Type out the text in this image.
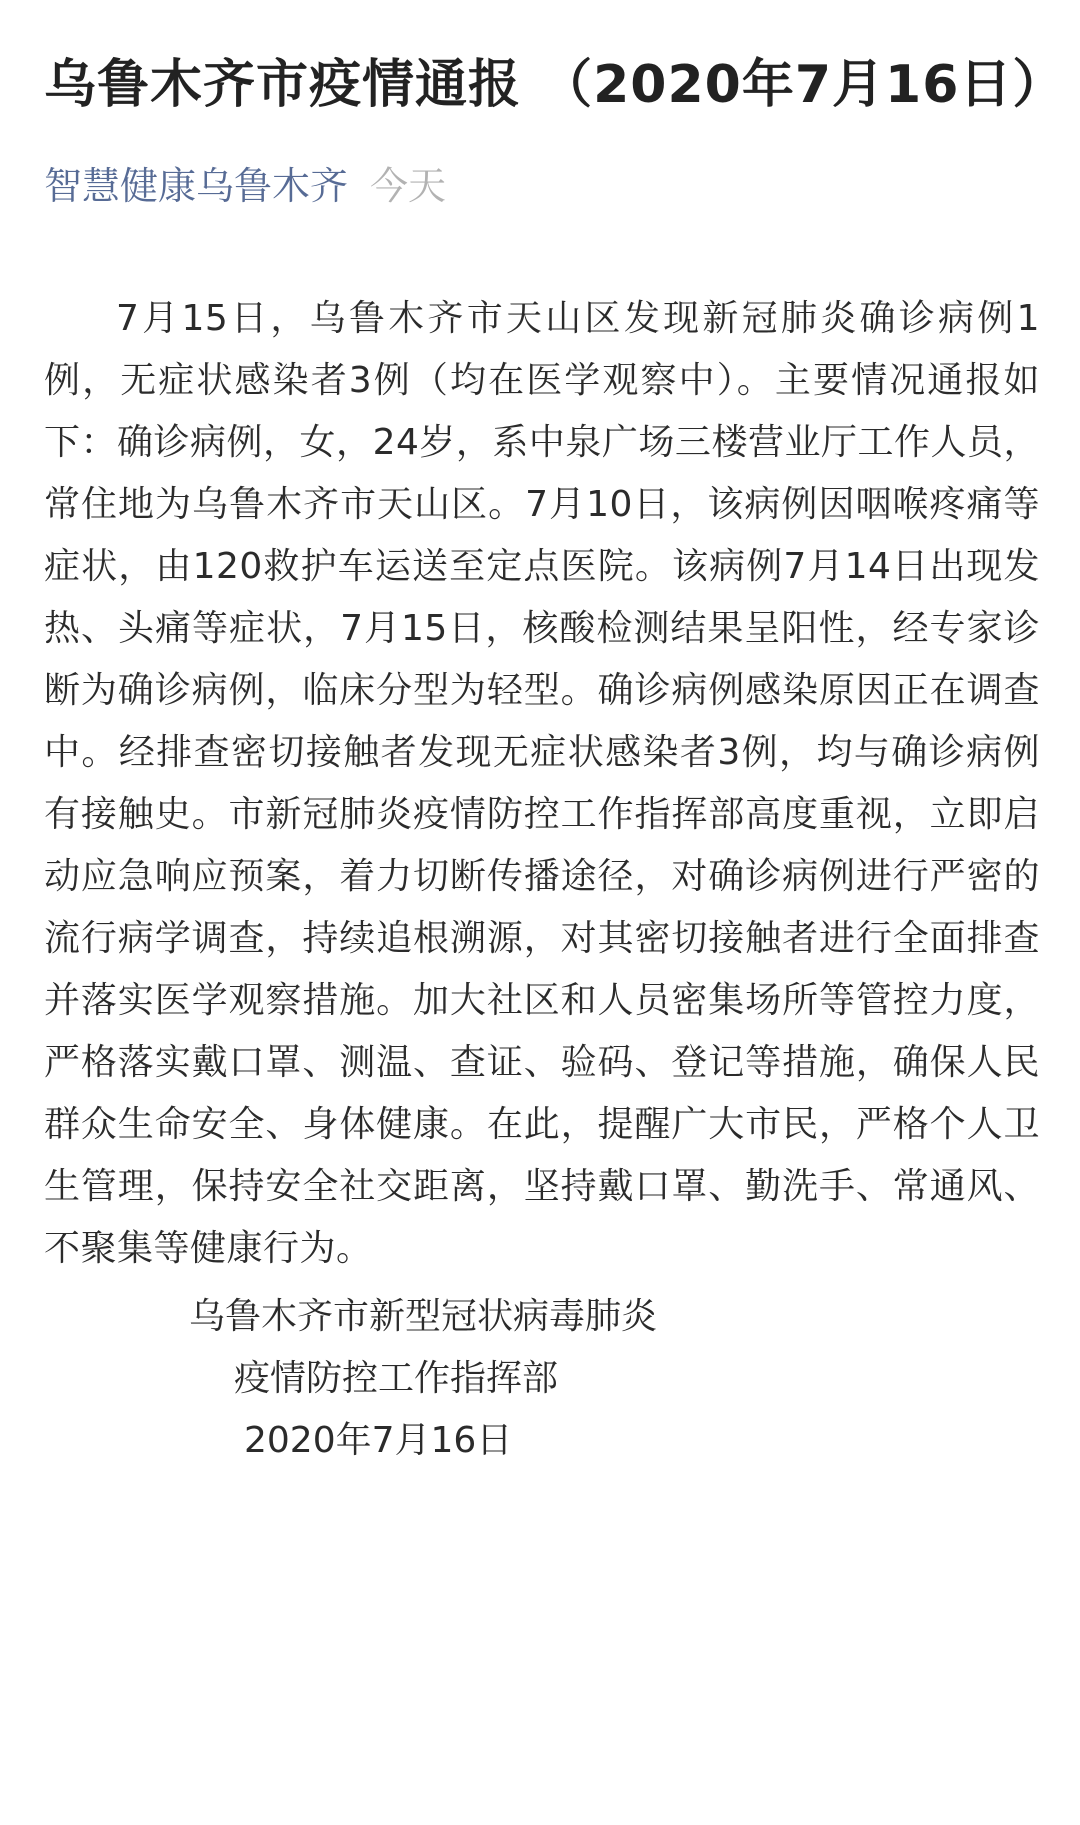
乌鲁木齐市疫情通报 （2020年7月16日）
智慧健康乌鲁木齐 今天
7月15日，乌鲁木齐市天山区发现新冠肺炎确诊病例1例，无症状感染者3例（均在医学观察中）。主要情况通报如下：确诊病例，女，24岁，系中泉广场三楼营业厅工作人员，常住地为乌鲁木齐市天山区。7月10日，该病例因咽喉疼痛等症状，由120救护车运送至定点医院。该病例7月14日出现发热、头痛等症状，7月15日，核酸检测结果呈阳性，经专家诊断为确诊病例，临床分型为轻型。确诊病例感染原因正在调查中。经排查密切接触者发现无症状感染者3例，均与确诊病例有接触史。市新冠肺炎疫情防控工作指挥部高度重视，立即启动应急响应预案，着力切断传播途径，对确诊病例进行严密的流行病学调查，持续追根溯源，对其密切接触者进行全面排查并落实医学观察措施。加大社区和人员密集场所等管控力度，严格落实戴口罩、测温、查证、验码、登记等措施，确保人民群众生命安全、身体健康。在此，提醒广大市民，严格个人卫生管理，保持安全社交距离，坚持戴口罩、勤洗手、常通风、不聚集等健康行为。
乌鲁木齐市新型冠状病毒肺炎
疫情防控工作指挥部
2020年7月16日
